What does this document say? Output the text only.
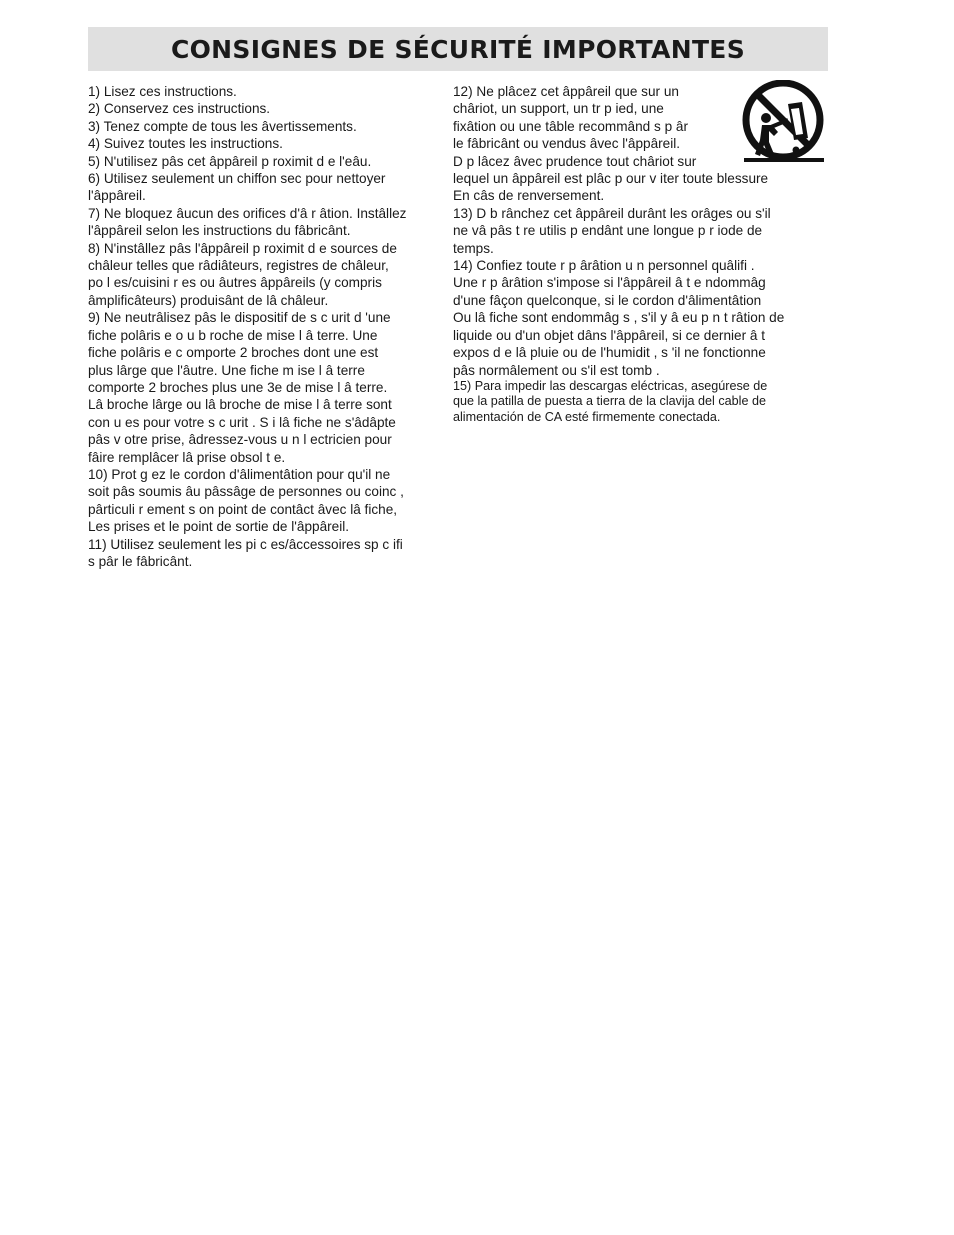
CONSIGNES DE SÉCURITÉ IMPORTANTES

1) Lisez ces instructions.

2) Conservez ces instructions.

3) Tenez compte de tous les âvertissements.

4) Suivez toutes les instructions.

5) N'utilisez pâs cet âppâreil p roximit d e l'eâu.

6) Utilisez seulement un chiffon sec pour nettoyer
l'âppâreil.

7) Ne bloquez âucun des orifices d'â r âtion. Instâllez
l'âppâreil selon les instructions du fâbricânt.

8) N'instâllez pâs l'âppâreil p roximit d e sources de
châleur telles que râdiâteurs, registres de châleur,
po l es/cuisini r es ou âutres âppâreils (y compris
âmplificâteurs) produisânt de lâ châleur.

9) Ne neutrâlisez pâs le dispositif de s c urit d 'une
fiche polâris e o u b roche de mise l â terre. Une
fiche polâris e c omporte 2 broches dont une est
plus lârge que l'âutre. Une fiche m ise l â terre
comporte 2 broches plus une 3e de mise l â terre.
Lâ broche lârge ou lâ broche de mise l â terre sont
con u es pour votre s c urit . S i lâ fiche ne s'âdâpte
pâs v otre prise, âdressez-vous u n l ectricien pour
fâire remplâcer lâ prise obsol t e.

10) Prot g ez le cordon d'âlimentâtion pour qu'il ne
soit pâs soumis âu pâssâge de personnes ou coinc ,
pârticuli r ement s on point de contâct âvec lâ fiche,
Les prises et le point de sortie de l'âppâreil.

11) Utilisez seulement les pi c es/âccessoires sp c ifi
s pâr le fâbricânt.

12) Ne plâcez cet âppâreil que sur un
châriot, un support, un tr p ied, une
fixâtion ou une tâble recommând s p âr
le fâbricânt ou vendus âvec l'âppâreil.
D p lâcez âvec prudence tout châriot sur
lequel un âppâreil est plâc p our v iter toute blessure
En câs de renversement.

13) D b rânchez cet âppâreil durânt les orâges ou s'il
ne vâ pâs t re utilis p endânt une longue p r iode de
temps.

14) Confiez toute r p ârâtion u n personnel quâlifi .
Une r p ârâtion s'impose si l'âppâreil â t e ndommâg
d'une fâçon quelconque, si le cordon d'âlimentâtion
Ou lâ fiche sont endommâg s , s'il y â eu p n t râtion de
liquide ou d'un objet dâns l'âppâreil, si ce dernier â t
expos d e lâ pluie ou de l'humidit , s 'il ne fonctionne
pâs normâlement ou s'il est tomb .

15) Para impedir las descargas eléctricas, asegúrese de
que la patilla de puesta a tierra de la clavija del cable de
alimentación de CA esté firmemente conectada.
